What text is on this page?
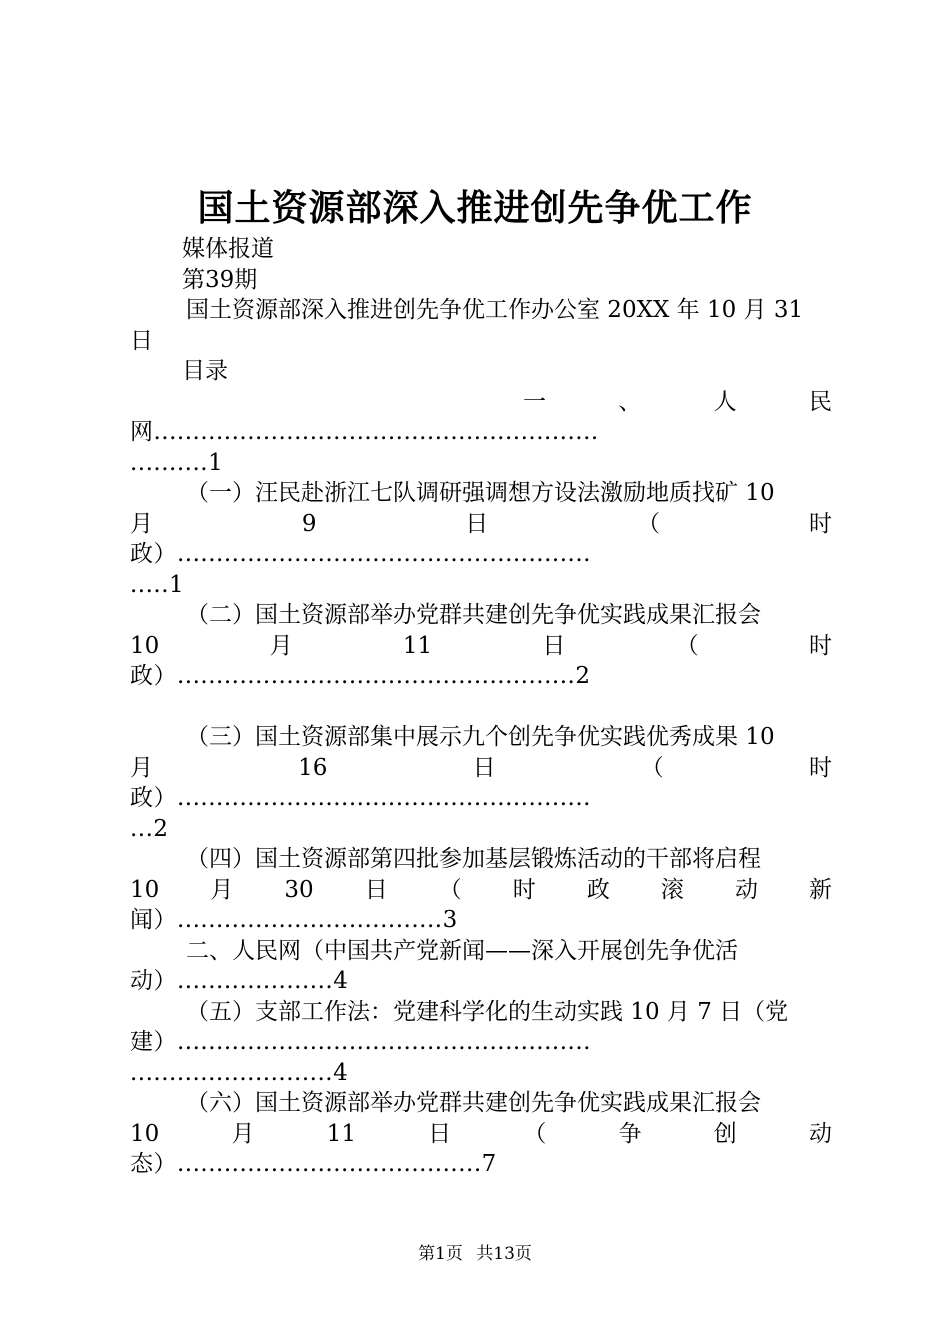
国土资源部深入推进创先争优工作
媒体报道
第39期
国土资源部深入推进创先争优工作办公室 20XX 年 10 月 31
日
目录
一	、	人	民
网.........................................................
..........1
（一）汪民赴浙江七队调研强调想方设法激励地质找矿 10
月	9	日	（	时
政）.....................................................
.....1
（二）国土资源部举办党群共建创先争优实践成果汇报会
10	月	11	日	（	时
政）...................................................2
（三）国土资源部集中展示九个创先争优实践优秀成果 10
月	16	日	（	时
政）.....................................................
...2
（四）国土资源部第四批参加基层锻炼活动的干部将启程
10 月 30 日 （ 时 政 滚 动 新
闻）..................................3
二、人民网（中国共产党新闻——深入开展创先争优活
动）....................4
（五）支部工作法：党建科学化的生动实践 10 月 7 日（党
建）.....................................................
..........................4
（六）国土资源部举办党群共建创先争优实践成果汇报会
10	月	11	日	（	争	创	动
态）.......................................7
第1页 共13页
